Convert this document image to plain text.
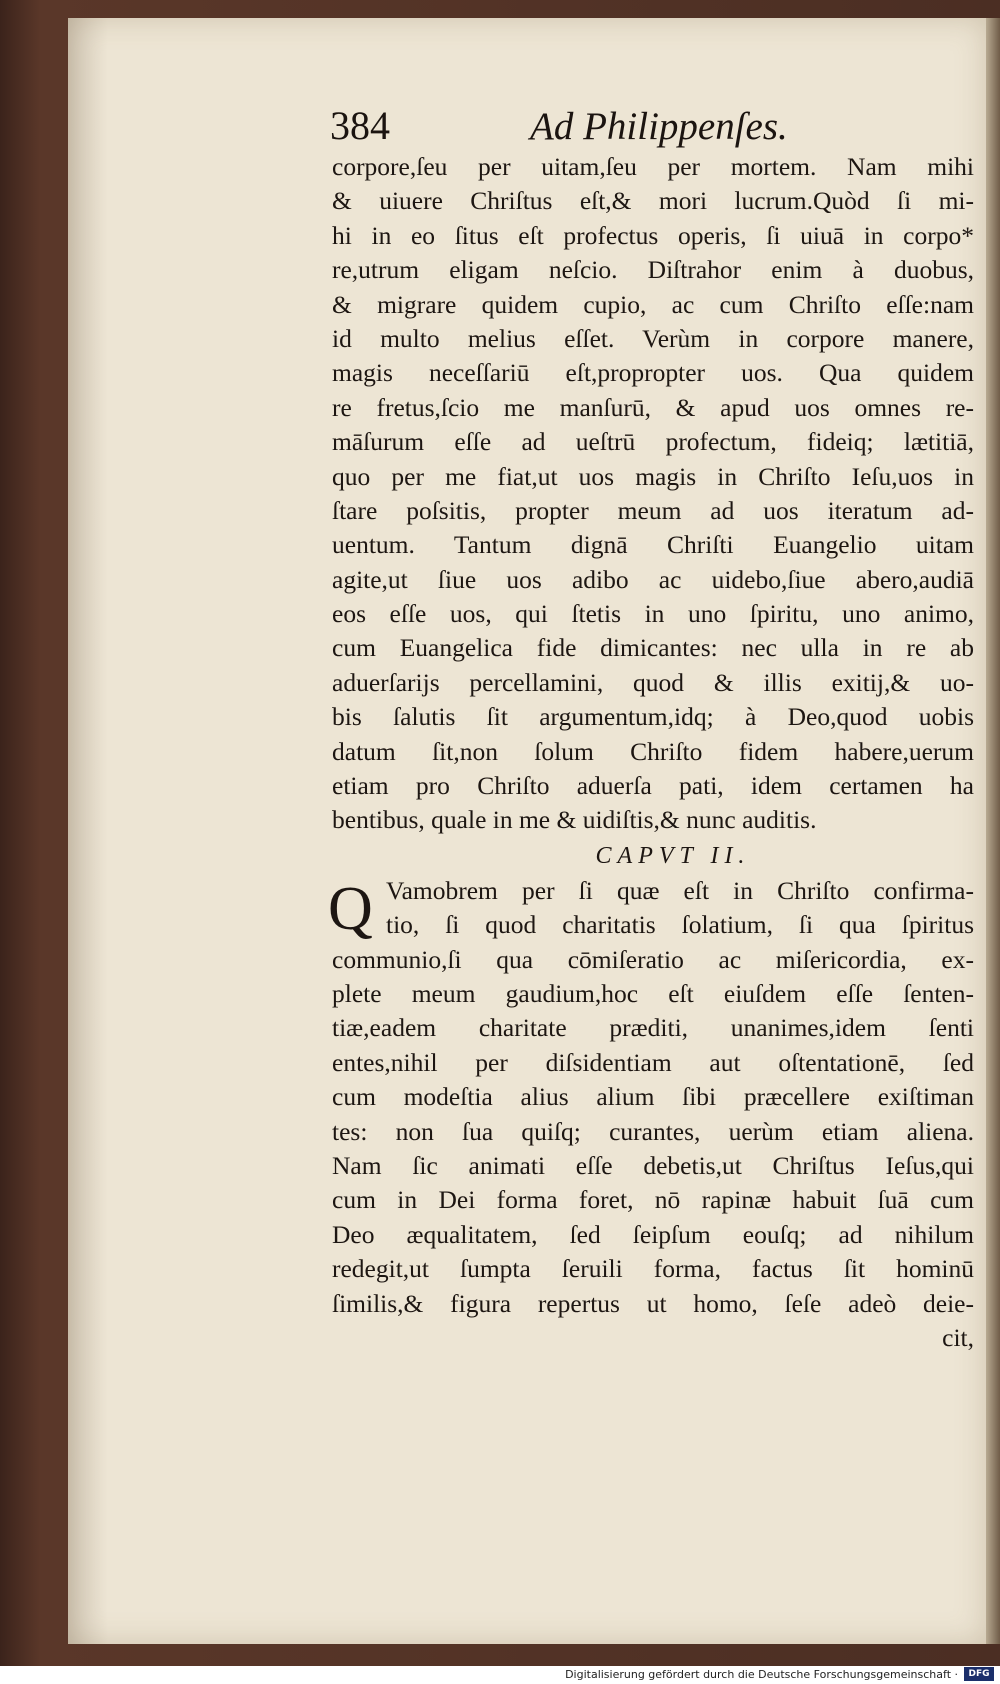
384	Ad Philippenſes.
corpore,ſeu per uitam,ſeu per mortem. Nam mihi
& uiuere Chriſtus eſt,& mori lucrum.Quòd ſi mi-
hi in eo ſitus eſt profectus operis, ſi uiuā in corpo*
re,utrum eligam neſcio. Diſtrahor enim à duobus,
& migrare quidem cupio, ac cum Chriſto eſſe:nam
id multo melius eſſet. Verùm in corpore manere,
magis neceſſariū eſt,propropter uos. Qua quidem
re fretus,ſcio me manſurū, & apud uos omnes re-
māſurum eſſe ad ueſtrū profectum, fideiq; lætitiā,
quo per me fiat,ut uos magis in Chriſto Ieſu,uos in
ſtare poſsitis, propter meum ad uos iteratum ad-
uentum. Tantum dignā Chriſti Euangelio uitam
agite,ut ſiue uos adibo ac uidebo,ſiue abero,audiā
eos eſſe uos, qui ſtetis in uno ſpiritu, uno animo,
cum Euangelica fide dimicantes: nec ulla in re ab
aduerſarijs percellamini, quod & illis exitij,& uo-
bis ſalutis ſit argumentum,idq; à Deo,quod uobis
datum ſit,non ſolum Chriſto fidem habere,uerum
etiam pro Chriſto aduerſa pati, idem certamen ha
bentibus, quale in me & uidiſtis,& nunc auditis.
CAPVT II.
Q Vamobrem per ſi quæ eſt in Chriſto confirma-
tio, ſi quod charitatis ſolatium, ſi qua ſpiritus
communio,ſi qua cōmiſeratio ac miſericordia, ex-
plete meum gaudium,hoc eſt eiuſdem eſſe ſenten-
tiæ,eadem charitate præditi, unanimes,idem ſenti
entes,nihil per diſsidentiam aut oſtentationē, ſed
cum modeſtia alius alium ſibi præcellere exiſtiman
tes: non ſua quiſq; curantes, uerùm etiam aliena.
Nam ſic animati eſſe debetis,ut Chriſtus Ieſus,qui
cum in Dei forma foret, nō rapinæ habuit ſuā cum
Deo æqualitatem, ſed ſeipſum eouſq; ad nihilum
redegit,ut ſumpta ſeruili forma, factus ſit hominū
ſimilis,& figura repertus ut homo, ſeſe adeò deie-
cit,
Digitalisierung gefördert durch die Deutsche Forschungsgemeinschaft ·	DFG
